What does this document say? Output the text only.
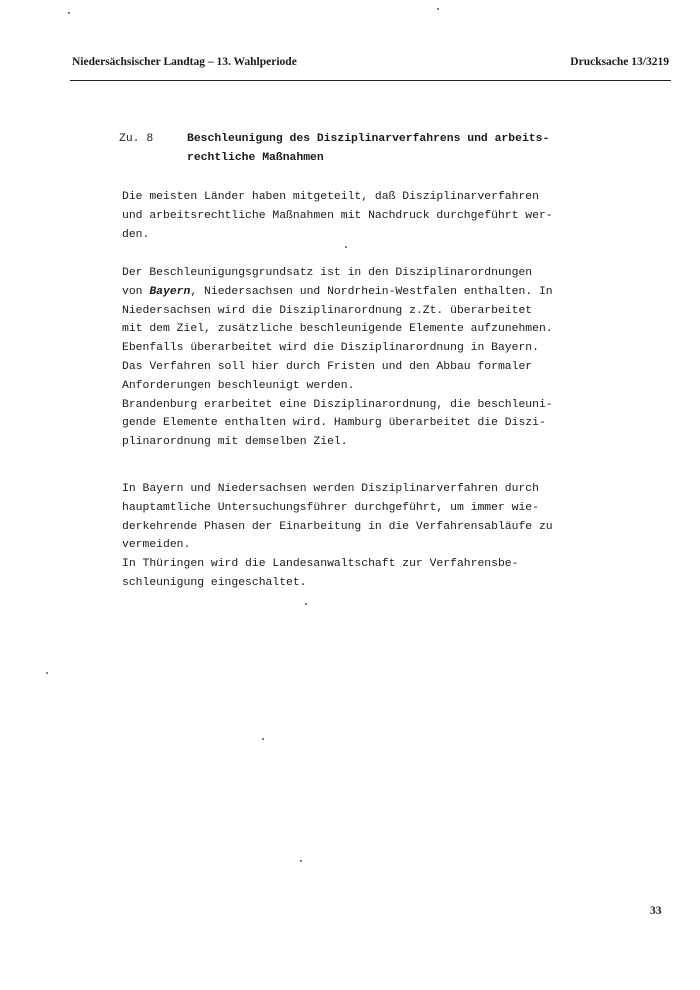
Niedersächsischer Landtag – 13. Wahlperiode	Drucksache 13/3219
Zu. 8	Beschleunigung des Disziplinarverfahrens und arbeits-
rechtliche Maßnahmen
Die meisten Länder haben mitgeteilt, daß Disziplinarverfahren
und arbeitsrechtliche Maßnahmen mit Nachdruck durchgeführt wer-
den.
Der Beschleunigungsgrundsatz ist in den Disziplinarordnungen
von Bayern, Niedersachsen und Nordrhein-Westfalen enthalten. In
Niedersachsen wird die Disziplinarordnung z.Zt. überarbeitet
mit dem Ziel, zusätzliche beschleunigende Elemente aufzunehmen.
Ebenfalls überarbeitet wird die Disziplinarordnung in Bayern.
Das Verfahren soll hier durch Fristen und den Abbau formaler
Anforderungen beschleunigt werden.
Brandenburg erarbeitet eine Disziplinarordnung, die beschleuni-
gende Elemente enthalten wird. Hamburg überarbeitet die Diszi-
plinarordnung mit demselben Ziel.
In Bayern und Niedersachsen werden Disziplinarverfahren durch
hauptamtliche Untersuchungsführer durchgeführt, um immer wie-
derkehrende Phasen der Einarbeitung in die Verfahrensabläufe zu
vermeiden.
In Thüringen wird die Landesanwaltschaft zur Verfahrensbe-
schleunigung eingeschaltet.
33
